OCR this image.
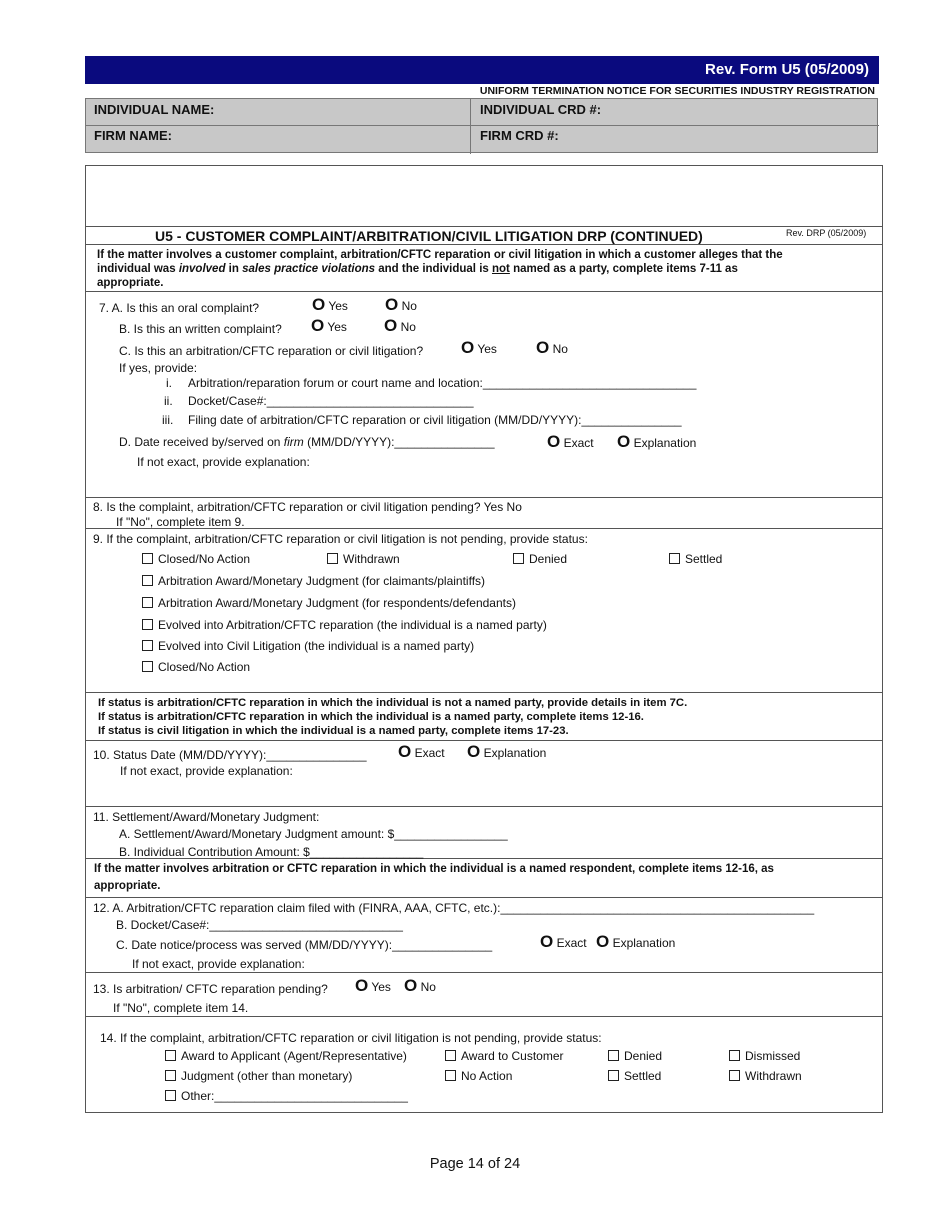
Rev. Form U5 (05/2009)
UNIFORM TERMINATION NOTICE FOR SECURITIES INDUSTRY REGISTRATION
INDIVIDUAL NAME:	INDIVIDUAL CRD #:
FIRM NAME:	FIRM CRD #:
U5 - CUSTOMER COMPLAINT/ARBITRATION/CIVIL LITIGATION DRP (CONTINUED)	Rev. DRP (05/2009)
If the matter involves a customer complaint, arbitration/CFTC reparation or civil litigation in which a customer alleges that the
individual was involved in sales practice violations and the individual is not named as a party, complete items 7-11 as
appropriate.
7. A. Is this an oral complaint?	O Yes O No
B. Is this an written complaint? O Yes O No
C. Is this an arbitration/CFTC reparation or civil litigation? O Yes O No
If yes, provide:
i. Arbitration/reparation forum or court name and location:________________________________
ii. Docket/Case#:_______________________________
iii. Filing date of arbitration/CFTC reparation or civil litigation (MM/DD/YYYY):_______________
D. Date received by/served on firm (MM/DD/YYYY):_______________	O Exact O Explanation
If not exact, provide explanation:
8. Is the complaint, arbitration/CFTC reparation or civil litigation pending? Yes No
If "No", complete item 9.
9. If the complaint, arbitration/CFTC reparation or civil litigation is not pending, provide status:
Closed/No Action	Withdrawn	Denied	Settled
Arbitration Award/Monetary Judgment (for claimants/plaintiffs)
Arbitration Award/Monetary Judgment (for respondents/defendants)
Evolved into Arbitration/CFTC reparation (the individual is a named party)
Evolved into Civil Litigation (the individual is a named party)
Closed/No Action
If status is arbitration/CFTC reparation in which the individual is not a named party, provide details in item 7C.
If status is arbitration/CFTC reparation in which the individual is a named party, complete items 12-16.
If status is civil litigation in which the individual is a named party, complete items 17-23.
10. Status Date (MM/DD/YYYY):_______________ O Exact O Explanation
If not exact, provide explanation:
11. Settlement/Award/Monetary Judgment:
A. Settlement/Award/Monetary Judgment amount: $_________________
B. Individual Contribution Amount: $_________________
If the matter involves arbitration or CFTC reparation in which the individual is a named respondent, complete items 12-16, as
appropriate.
12. A. Arbitration/CFTC reparation claim filed with (FINRA, AAA, CFTC, etc.):_______________________________________________
B. Docket/Case#:_____________________________
C. Date notice/process was served (MM/DD/YYYY):_______________	O Exact O Explanation
If not exact, provide explanation:
13. Is arbitration/ CFTC reparation pending? O Yes O No
If "No", complete item 14.
14. If the complaint, arbitration/CFTC reparation or civil litigation is not pending, provide status:
Award to Applicant (Agent/Representative)	Award to Customer	Denied	Dismissed
Judgment (other than monetary)	No Action	Settled	Withdrawn
Other:_____________________________
Page 14 of 24
